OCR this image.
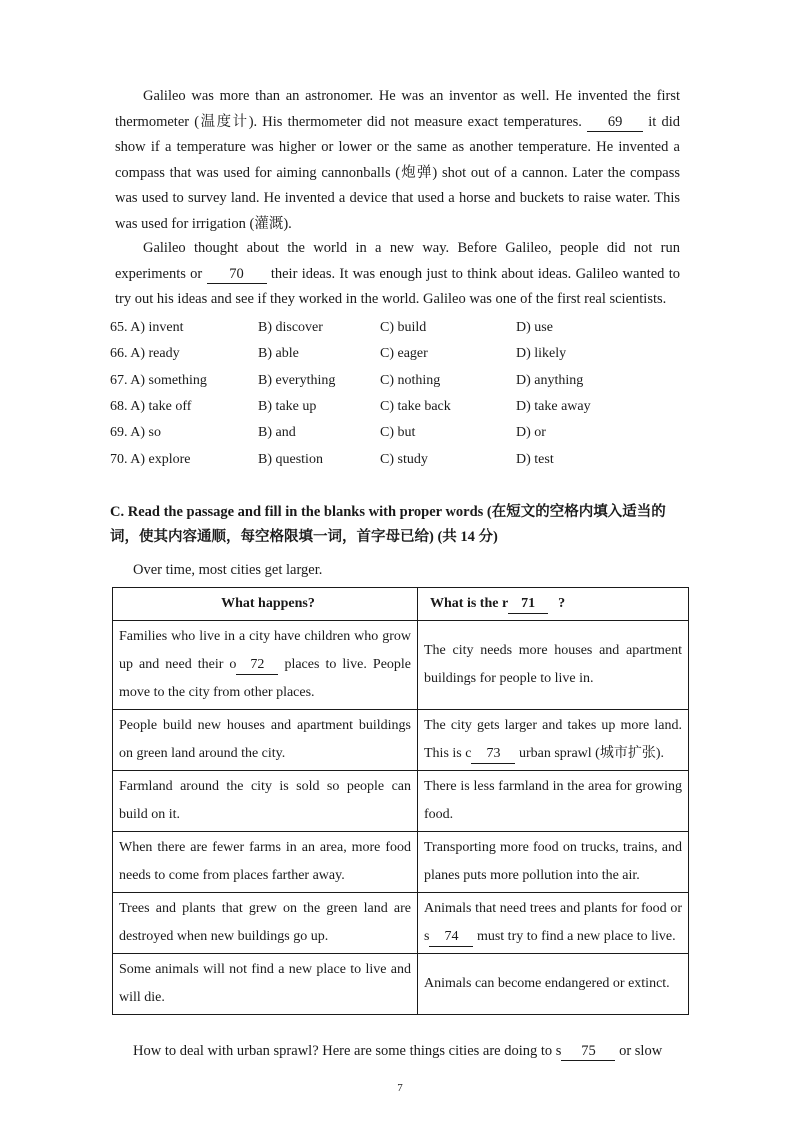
Galileo was more than an astronomer. He was an inventor as well. He invented the first thermometer (温度计). His thermometer did not measure exact temperatures. 69 it did show if a temperature was higher or lower or the same as another temperature. He invented a compass that was used for aiming cannonballs (炮弹) shot out of a cannon. Later the compass was used to survey land. He invented a device that used a horse and buckets to raise water. This was used for irrigation (灌溉).
Galileo thought about the world in a new way. Before Galileo, people did not run experiments or 70 their ideas. It was enough just to think about ideas. Galileo wanted to try out his ideas and see if they worked in the world. Galileo was one of the first real scientists.
65. A) invent	B) discover	C) build	D) use
66. A) ready	B) able	C) eager	D) likely
67. A) something	B) everything	C) nothing	D) anything
68. A) take off	B) take up	C) take back	D) take away
69. A) so	B) and	C) but	D) or
70. A) explore	B) question	C) study	D) test
C. Read the passage and fill in the blanks with proper words (在短文的空格内填入适当的词，使其内容通顺，每空格限填一词，首字母已给) (共 14 分)
Over time, most cities get larger.
What happens?	What is the r 71 ?
Families who live in a city have children who grow up and need their o 72 places to live. People move to the city from other places.	The city needs more houses and apartment buildings for people to live in.
People build new houses and apartment buildings on green land around the city.	The city gets larger and takes up more land. This is c 73 urban sprawl (城市扩张).
Farmland around the city is sold so people can build on it.	There is less farmland in the area for growing food.
When there are fewer farms in an area, more food needs to come from places farther away.	Transporting more food on trucks, trains, and planes puts more pollution into the air.
Trees and plants that grew on the green land are destroyed when new buildings go up.	Animals that need trees and plants for food or s 74 must try to find a new place to live.
Some animals will not find a new place to live and will die.	Animals can become endangered or extinct.
How to deal with urban sprawl? Here are some things cities are doing to s 75 or slow
7
